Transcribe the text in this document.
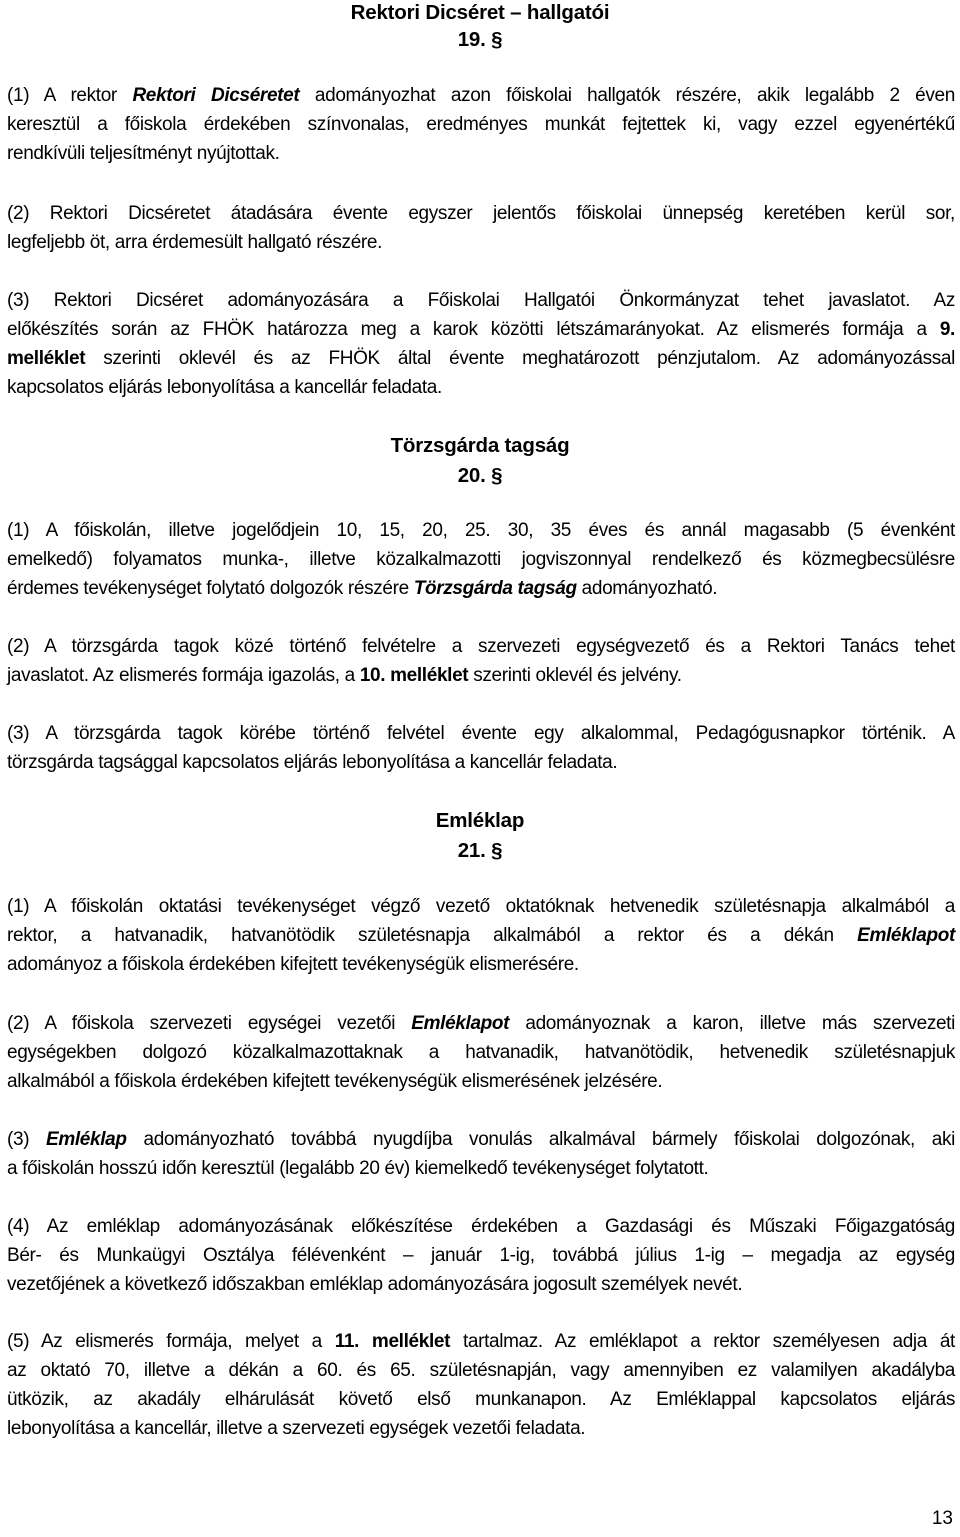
Rektori Dicséret – hallgatói
19. §
(1) A rektor Rektori Dicséretet adományozhat azon főiskolai hallgatók részére, akik legalább 2 éven
keresztül a főiskola érdekében színvonalas, eredményes munkát fejtettek ki, vagy ezzel egyenértékű
rendkívüli teljesítményt nyújtottak.
(2) Rektori Dicséretet átadására évente egyszer jelentős főiskolai ünnepség keretében kerül sor,
legfeljebb öt, arra érdemesült hallgató részére.
(3) Rektori Dicséret adományozására a Főiskolai Hallgatói Önkormányzat tehet javaslatot. Az
előkészítés során az FHÖK határozza meg a karok közötti létszámarányokat. Az elismerés formája a 9.
melléklet szerinti oklevél és az FHÖK által évente meghatározott pénzjutalom. Az adományozással
kapcsolatos eljárás lebonyolítása a kancellár feladata.
Törzsgárda tagság
20. §
(1) A főiskolán, illetve jogelődjein 10, 15, 20, 25. 30, 35 éves és annál magasabb (5 évenként
emelkedő) folyamatos munka-, illetve közalkalmazotti jogviszonnyal rendelkező és közmegbecsülésre
érdemes tevékenységet folytató dolgozók részére Törzsgárda tagság adományozható.
(2) A törzsgárda tagok közé történő felvételre a szervezeti egységvezető és a Rektori Tanács tehet
javaslatot. Az elismerés formája igazolás, a 10. melléklet szerinti oklevél és jelvény.
(3) A törzsgárda tagok körébe történő felvétel évente egy alkalommal, Pedagógusnapkor történik. A
törzsgárda tagsággal kapcsolatos eljárás lebonyolítása a kancellár feladata.
Emléklap
21. §
(1) A főiskolán oktatási tevékenységet végző vezető oktatóknak hetvenedik születésnapja alkalmából a
rektor, a hatvanadik, hatvanötödik születésnapja alkalmából a rektor és a dékán Emléklapot
adományoz a főiskola érdekében kifejtett tevékenységük elismerésére.
(2) A főiskola szervezeti egységei vezetői Emléklapot adományoznak a karon, illetve más szervezeti
egységekben dolgozó közalkalmazottaknak a hatvanadik, hatvanötödik, hetvenedik születésnapjuk
alkalmából a főiskola érdekében kifejtett tevékenységük elismerésének jelzésére.
(3) Emléklap adományozható továbbá nyugdíjba vonulás alkalmával bármely főiskolai dolgozónak, aki
a főiskolán hosszú időn keresztül (legalább 20 év) kiemelkedő tevékenységet folytatott.
(4) Az emléklap adományozásának előkészítése érdekében a Gazdasági és Műszaki Főigazgatóság
Bér- és Munkaügyi Osztálya félévenként – január 1-ig, továbbá július 1-ig – megadja az egység
vezetőjének a következő időszakban emléklap adományozására jogosult személyek nevét.
(5) Az elismerés formája, melyet a 11. melléklet tartalmaz. Az emléklapot a rektor személyesen adja át
az oktató 70, illetve a dékán a 60. és 65. születésnapján, vagy amennyiben ez valamilyen akadályba
ütközik, az akadály elhárulását követő első munkanapon. Az Emléklappal kapcsolatos eljárás
lebonyolítása a kancellár, illetve a szervezeti egységek vezetői feladata.
13
